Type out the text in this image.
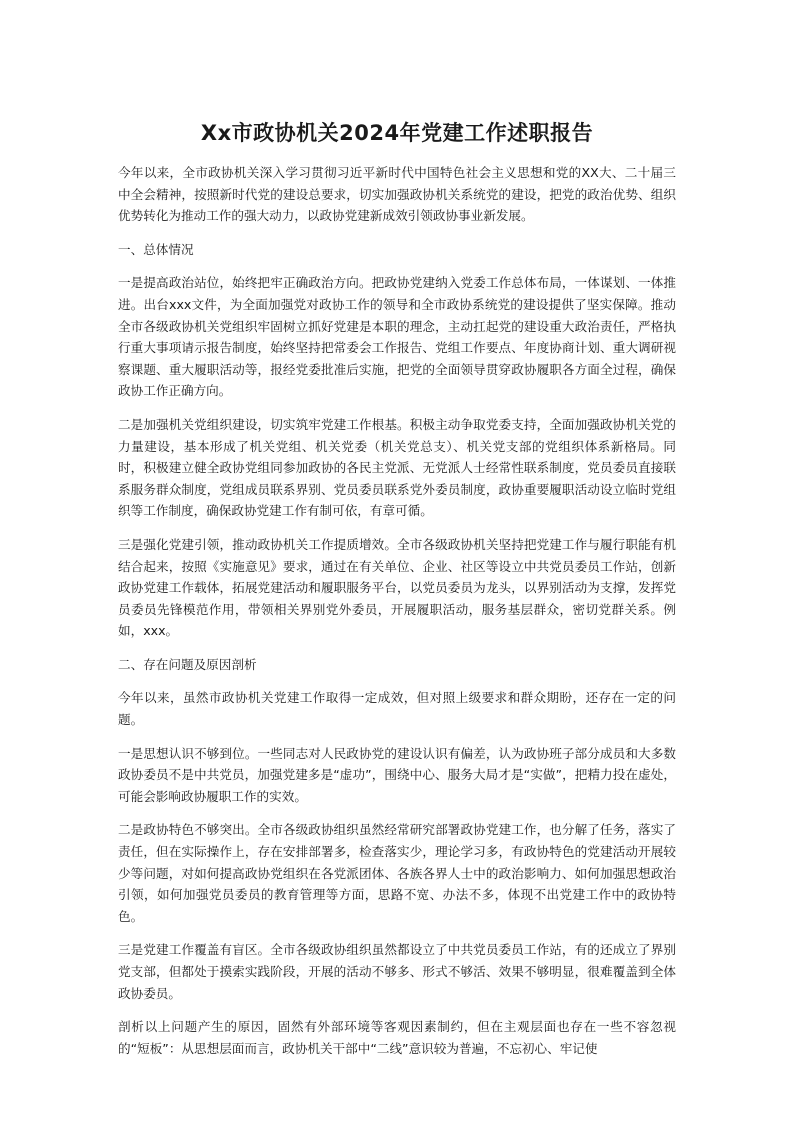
Xx市政协机关2024年党建工作述职报告
今年以来，全市政协机关深入学习贯彻习近平新时代中国特色社会主义思想和党的XX大、二十届三中全会精神，按照新时代党的建设总要求，切实加强政协机关系统党的建设，把党的政治优势、组织优势转化为推动工作的强大动力，以政协党建新成效引领政协事业新发展。
一、总体情况
一是提高政治站位，始终把牢正确政治方向。把政协党建纳入党委工作总体布局，一体谋划、一体推进。出台xxx文件，为全面加强党对政协工作的领导和全市政协系统党的建设提供了坚实保障。推动全市各级政协机关党组织牢固树立抓好党建是本职的理念，主动扛起党的建设重大政治责任，严格执行重大事项请示报告制度，始终坚持把常委会工作报告、党组工作要点、年度协商计划、重大调研视察课题、重大履职活动等，报经党委批准后实施，把党的全面领导贯穿政协履职各方面全过程，确保政协工作正确方向。
二是加强机关党组织建设，切实筑牢党建工作根基。积极主动争取党委支持，全面加强政协机关党的力量建设，基本形成了机关党组、机关党委（机关党总支）、机关党支部的党组织体系新格局。同时，积极建立健全政协党组同参加政协的各民主党派、无党派人士经常性联系制度，党员委员直接联系服务群众制度，党组成员联系界别、党员委员联系党外委员制度，政协重要履职活动设立临时党组织等工作制度，确保政协党建工作有制可依，有章可循。
三是强化党建引领，推动政协机关工作提质增效。全市各级政协机关坚持把党建工作与履行职能有机结合起来，按照《实施意见》要求，通过在有关单位、企业、社区等设立中共党员委员工作站，创新政协党建工作载体，拓展党建活动和履职服务平台，以党员委员为龙头，以界别活动为支撑，发挥党员委员先锋模范作用，带领相关界别党外委员，开展履职活动，服务基层群众，密切党群关系。例如，xxx。
二、存在问题及原因剖析
今年以来，虽然市政协机关党建工作取得一定成效，但对照上级要求和群众期盼，还存在一定的问题。
一是思想认识不够到位。一些同志对人民政协党的建设认识有偏差，认为政协班子部分成员和大多数政协委员不是中共党员，加强党建多是“虚功”，围绕中心、服务大局才是“实做”，把精力投在虚处，可能会影响政协履职工作的实效。
二是政协特色不够突出。全市各级政协组织虽然经常研究部署政协党建工作，也分解了任务，落实了责任，但在实际操作上，存在安排部署多，检查落实少，理论学习多，有政协特色的党建活动开展较少等问题，对如何提高政协党组织在各党派团体、各族各界人士中的政治影响力、如何加强思想政治引领，如何加强党员委员的教育管理等方面，思路不宽、办法不多，体现不出党建工作中的政协特色。
三是党建工作覆盖有盲区。全市各级政协组织虽然都设立了中共党员委员工作站，有的还成立了界别党支部，但都处于摸索实践阶段，开展的活动不够多、形式不够活、效果不够明显，很难覆盖到全体政协委员。
剖析以上问题产生的原因，固然有外部环境等客观因素制约，但在主观层面也存在一些不容忽视的“短板”：从思想层面而言，政协机关干部中“二线”意识较为普遍，不忘初心、牢记使
